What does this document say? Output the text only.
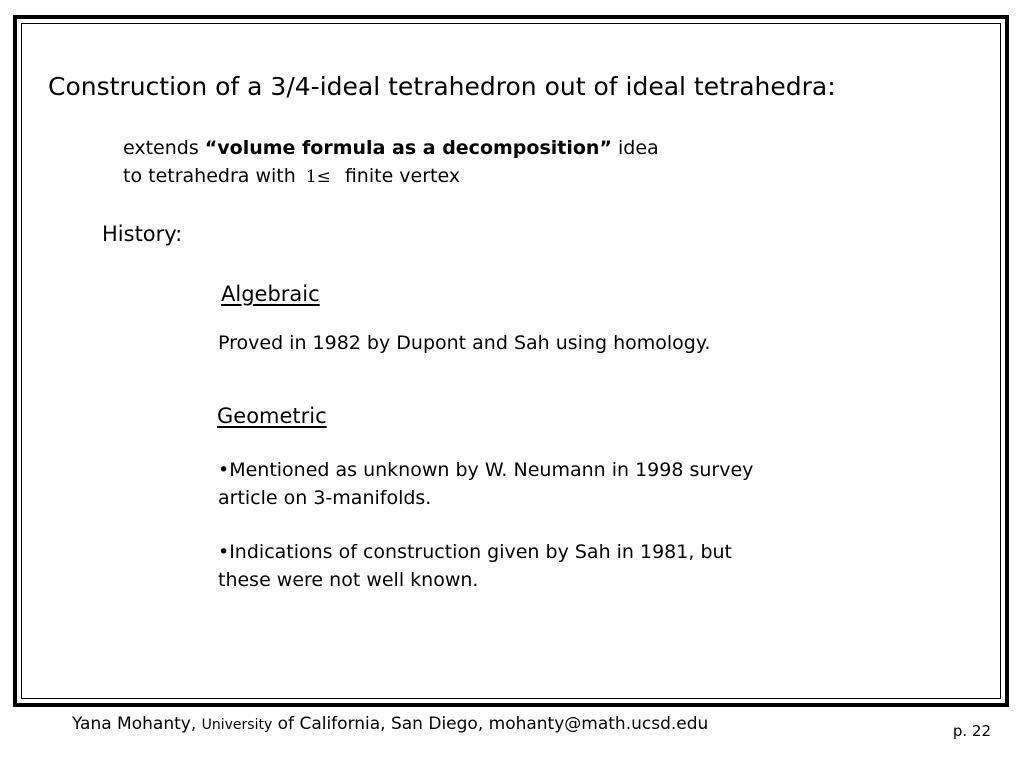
Construction of a 3/4-ideal tetrahedron out of ideal tetrahedra:
extends “volume formula as a decomposition” idea
to tetrahedra with 1≤ finite vertex
History:
Algebraic
Proved in 1982 by Dupont and Sah using homology.
Geometric
•Mentioned as unknown by W. Neumann in 1998 survey
article on 3-manifolds.
•Indications of construction given by Sah in 1981, but
these were not well known.
Yana Mohanty, University of California, San Diego, mohanty@math.ucsd.edu	p. 22
